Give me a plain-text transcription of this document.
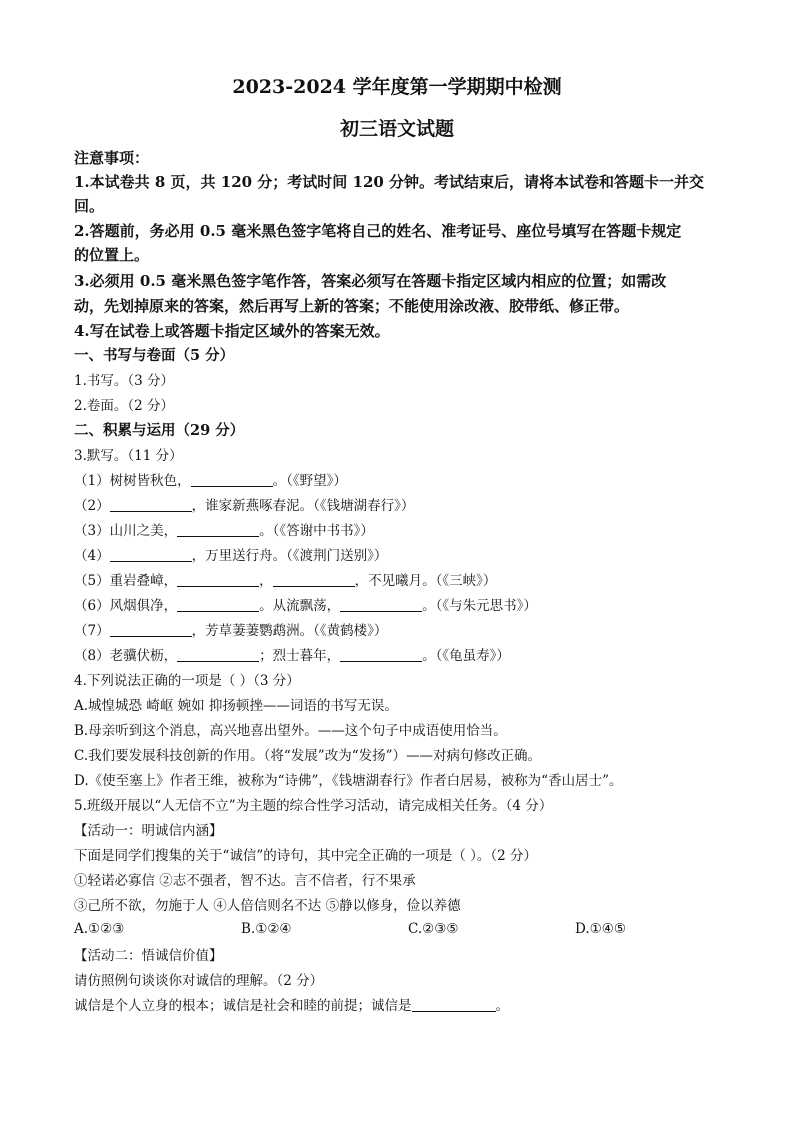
2023-2024 学年度第一学期期中检测
初三语文试题
注意事项：
1.本试卷共 8 页，共 120 分；考试时间 120 分钟。考试结束后，请将本试卷和答题卡一并交
回。
2.答题前，务必用 0.5 毫米黑色签字笔将自己的姓名、准考证号、座位号填写在答题卡规定
的位置上。
3.必须用 0.5 毫米黑色签字笔作答，答案必须写在答题卡指定区域内相应的位置；如需改
动，先划掉原来的答案，然后再写上新的答案；不能使用涂改液、胶带纸、修正带。
4.写在试卷上或答题卡指定区域外的答案无效。
一、书写与卷面（5 分）
1.书写。（3 分）
2.卷面。（2 分）
二、积累与运用（29 分）
3.默写。（11 分）
（1）树树皆秋色，	。（《野望》）
（2）	，谁家新燕啄春泥。（《钱塘湖春行》）
（3）山川之美，	。（《答谢中书书》）
（4）	，万里送行舟。（《渡荆门送别》）
（5）重岩叠嶂，	，	，不见曦月。（《三峡》）
（6）风烟俱净，	。从流飘荡，	。（《与朱元思书》）
（7）	，芳草萋萋鹦鹉洲。（《黄鹤楼》）
（8）老骥伏枥，	；烈士暮年，	。（《龟虽寿》）
4.下列说法正确的一项是（ ）（3 分）
A.城惶城恐 崎岖 婉如 抑扬顿挫——词语的书写无误。
B.母亲听到这个消息，高兴地喜出望外。——这个句子中成语使用恰当。
C.我们要发展科技创新的作用。（将“发展”改为“发扬”）——对病句修改正确。
D.《使至塞上》作者王维，被称为“诗佛”，《钱塘湖春行》作者白居易，被称为“香山居士”。
5.班级开展以“人无信不立”为主题的综合性学习活动，请完成相关任务。（4 分）
【活动一：明诚信内涵】
下面是同学们搜集的关于“诚信”的诗句，其中完全正确的一项是（ ）。（2 分）
①轻诺必寡信 ②志不强者，智不达。言不信者，行不果承
③己所不欲，勿施于人 ④人倍信则名不达 ⑤静以修身，俭以养德
A.①②③	B.①②④	C.②③⑤	D.①④⑤
【活动二：悟诚信价值】
请仿照例句谈谈你对诚信的理解。（2 分）
诚信是个人立身的根本；诚信是社会和睦的前提；诚信是	。
